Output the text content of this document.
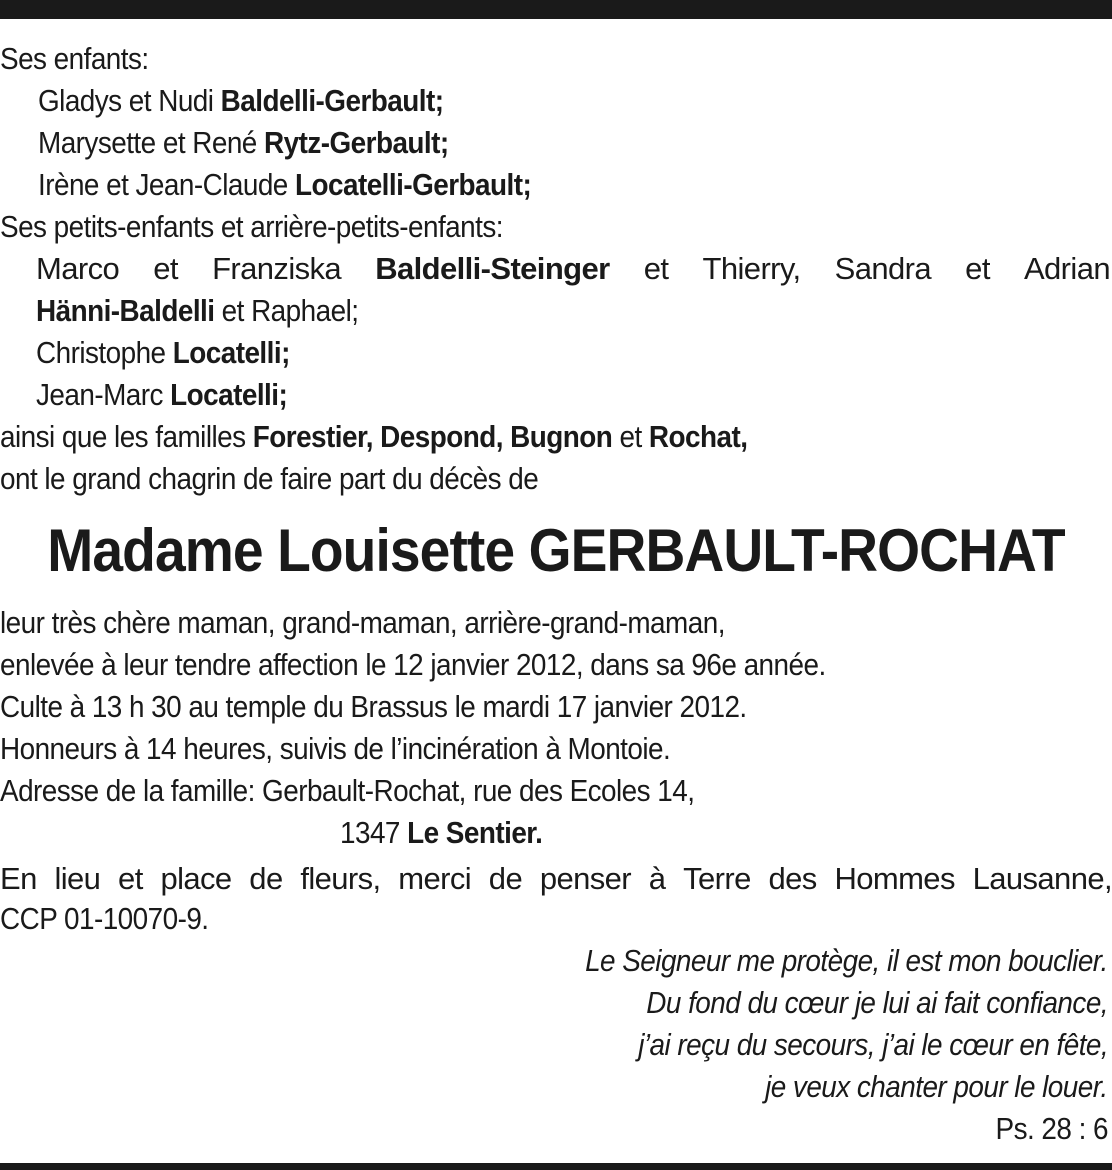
Ses enfants:
Gladys et Nudi Baldelli-Gerbault;
Marysette et René Rytz-Gerbault;
Irène et Jean-Claude Locatelli-Gerbault;
Ses petits-enfants et arrière-petits-enfants:
Marco et Franziska Baldelli-Steinger et Thierry, Sandra et Adrian
Hänni-Baldelli et Raphael;
Christophe Locatelli;
Jean-Marc Locatelli;
ainsi que les familles Forestier, Despond, Bugnon et Rochat,
ont le grand chagrin de faire part du décès de
Madame Louisette GERBAULT-ROCHAT
leur très chère maman, grand-maman, arrière-grand-maman,
enlevée à leur tendre affection le 12 janvier 2012, dans sa 96e année.
Culte à 13 h 30 au temple du Brassus le mardi 17 janvier 2012.
Honneurs à 14 heures, suivis de l’incinération à Montoie.
Adresse de la famille: Gerbault-Rochat, rue des Ecoles 14,
1347 Le Sentier.
En lieu et place de fleurs, merci de penser à Terre des Hommes Lausanne,
CCP 01-10070-9.
Le Seigneur me protège, il est mon bouclier.
Du fond du cœur je lui ai fait confiance,
j’ai reçu du secours, j’ai le cœur en fête,
je veux chanter pour le louer.
Ps. 28 : 6
